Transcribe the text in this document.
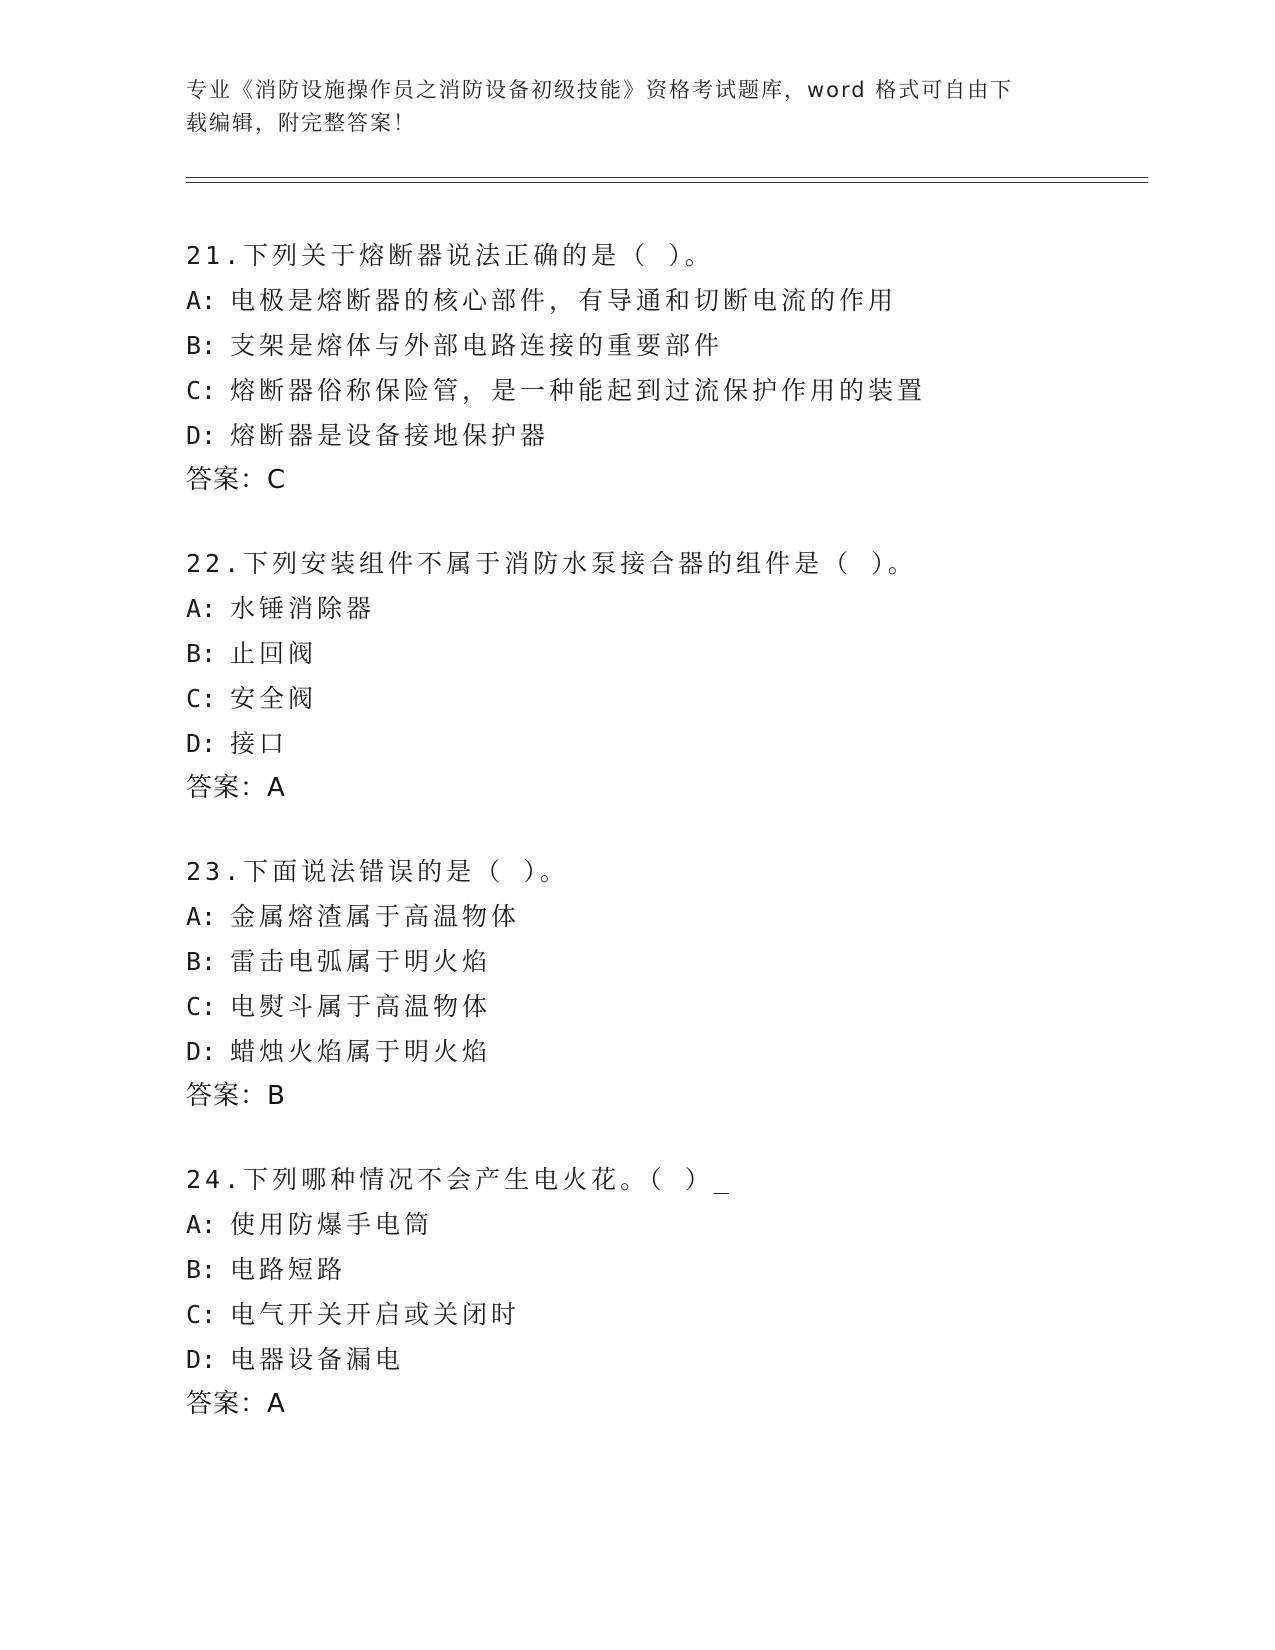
专业《消防设施操作员之消防设备初级技能》资格考试题库，word 格式可自由下
载编辑，附完整答案！
21.下列关于熔断器说法正确的是（ ）。
A: 电极是熔断器的核心部件，有导通和切断电流的作用
B: 支架是熔体与外部电路连接的重要部件
C: 熔断器俗称保险管，是一种能起到过流保护作用的装置
D: 熔断器是设备接地保护器
答案：C
22.下列安装组件不属于消防水泵接合器的组件是（ ）。
A: 水锤消除器
B: 止回阀
C: 安全阀
D: 接口
答案：A
23.下面说法错误的是（ ）。
A: 金属熔渣属于高温物体
B: 雷击电弧属于明火焰
C: 电熨斗属于高温物体
D: 蜡烛火焰属于明火焰
答案：B
24.下列哪种情况不会产生电火花。（ ）_
A: 使用防爆手电筒
B: 电路短路
C: 电气开关开启或关闭时
D: 电器设备漏电
答案：A
